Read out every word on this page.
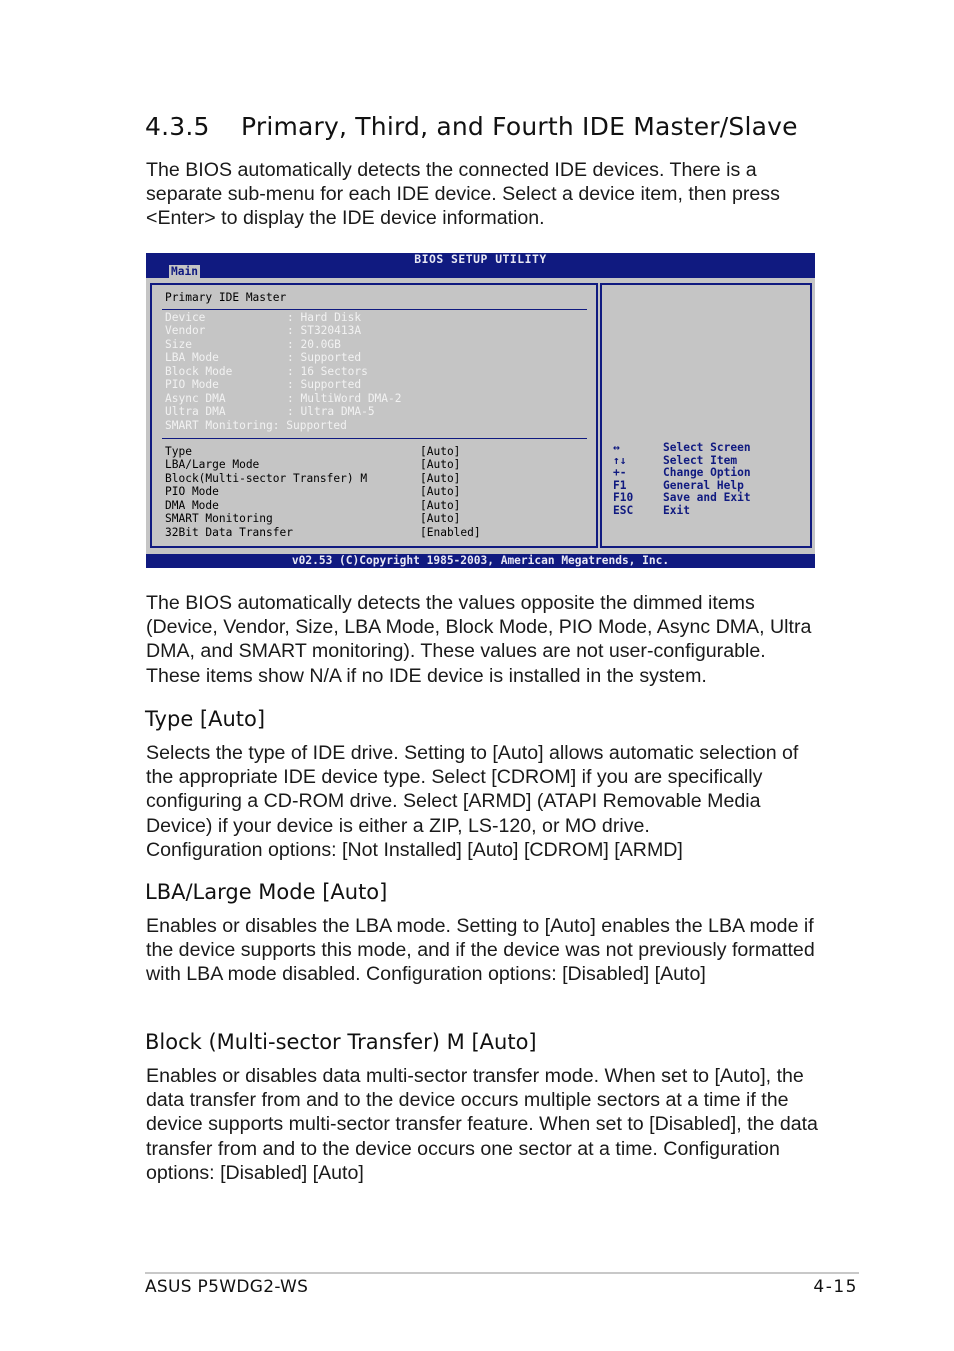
4.3.5 Primary, Third, and Fourth IDE Master/Slave

The BIOS automatically detects the connected IDE devices. There is a separate sub-menu for each IDE device. Select a device item, then press <Enter> to display the IDE device information.

BIOS SETUP UTILITY
Main
Primary IDE Master
Device	: Hard Disk
Vendor	: ST320413A
Size	: 20.0GB
LBA Mode	: Supported
Block Mode	: 16 Sectors
PIO Mode	: Supported
Async DMA	: MultiWord DMA-2
Ultra DMA	: Ultra DMA-5
SMART Monitoring: Supported
Type	[Auto]
LBA/Large Mode	[Auto]
Block(Multi-sector Transfer) M	[Auto]
PIO Mode	[Auto]
DMA Mode	[Auto]
SMART Monitoring	[Auto]
32Bit Data Transfer	[Enabled]
↔	Select Screen
↑↓	Select Item
+-	Change Option
F1	General Help
F10	Save and Exit
ESC	Exit
v02.53 (C)Copyright 1985-2003, American Megatrends, Inc.

The BIOS automatically detects the values opposite the dimmed items (Device, Vendor, Size, LBA Mode, Block Mode, PIO Mode, Async DMA, Ultra DMA, and SMART monitoring). These values are not user-configurable. These items show N/A if no IDE device is installed in the system.

Type [Auto]

Selects the type of IDE drive. Setting to [Auto] allows automatic selection of the appropriate IDE device type. Select [CDROM] if you are specifically configuring a CD-ROM drive. Select [ARMD] (ATAPI Removable Media Device) if your device is either a ZIP, LS-120, or MO drive.

Configuration options: [Not Installed] [Auto] [CDROM] [ARMD]

LBA/Large Mode [Auto]

Enables or disables the LBA mode. Setting to [Auto] enables the LBA mode if the device supports this mode, and if the device was not previously formatted with LBA mode disabled. Configuration options: [Disabled] [Auto]

Block (Multi-sector Transfer) M [Auto]

Enables or disables data multi-sector transfer mode. When set to [Auto], the data transfer from and to the device occurs multiple sectors at a time if the device supports multi-sector transfer feature. When set to [Disabled], the data transfer from and to the device occurs one sector at a time. Configuration options: [Disabled] [Auto]

ASUS P5WDG2-WS	4-15
